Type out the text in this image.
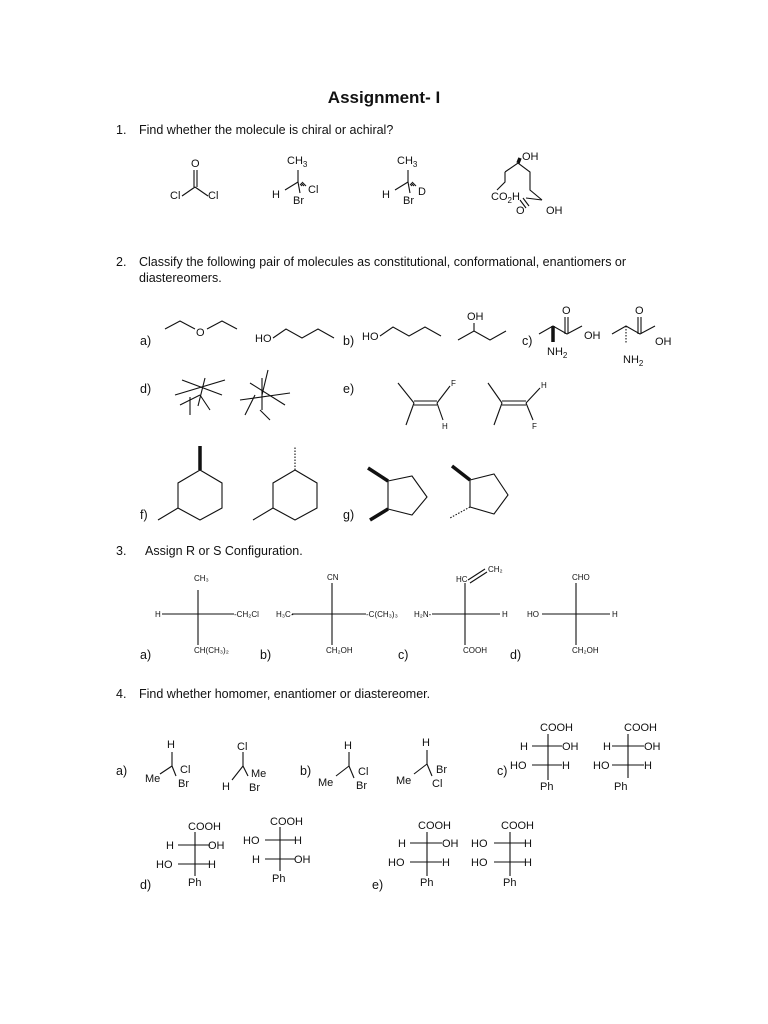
Assignment- I
1. Find whether the molecule is chiral or achiral?
2. Classify the following pair of molecules as constitutional, conformational, enantiomers or diastereomers.
3. Assign R or S Configuration.
4. Find whether homomer, enantiomer or diastereomer.
a)	b)	c)
d)	e)
f)	g)
a)	b)	c)	d)
a)	b)	c)
d)	e)
O
Cl	Cl
$CH_3$
H Br
Cl
$CH_3$
H Br
D
OH
$CO_2H$
O OH
O	HO	HO
OH	O
OH
$NH_2$
O
OH
$NH_2$
F
H
H
F
CH₃
H	-CH₂Cl
CH(CH₃)₂
CN
H₃C-	-C(CH₃)₃
CH₂OH
HC
CH₂
H₂N-	H
COOH
CHO
HO	H
CH₂OH
H
Me Br
Cl
Cl
H Br
Me
H
Me Br
Cl
H
Me Cl
Br
COOH
H	OH
HO	H
Ph
COOH
H	OH
HO	H
Ph
COOH
H	OH
HO	H
Ph
COOH
HO	H
H	OH
Ph
COOH
H	OH
HO	H
Ph
COOH
HO	H
HO	H
Ph
